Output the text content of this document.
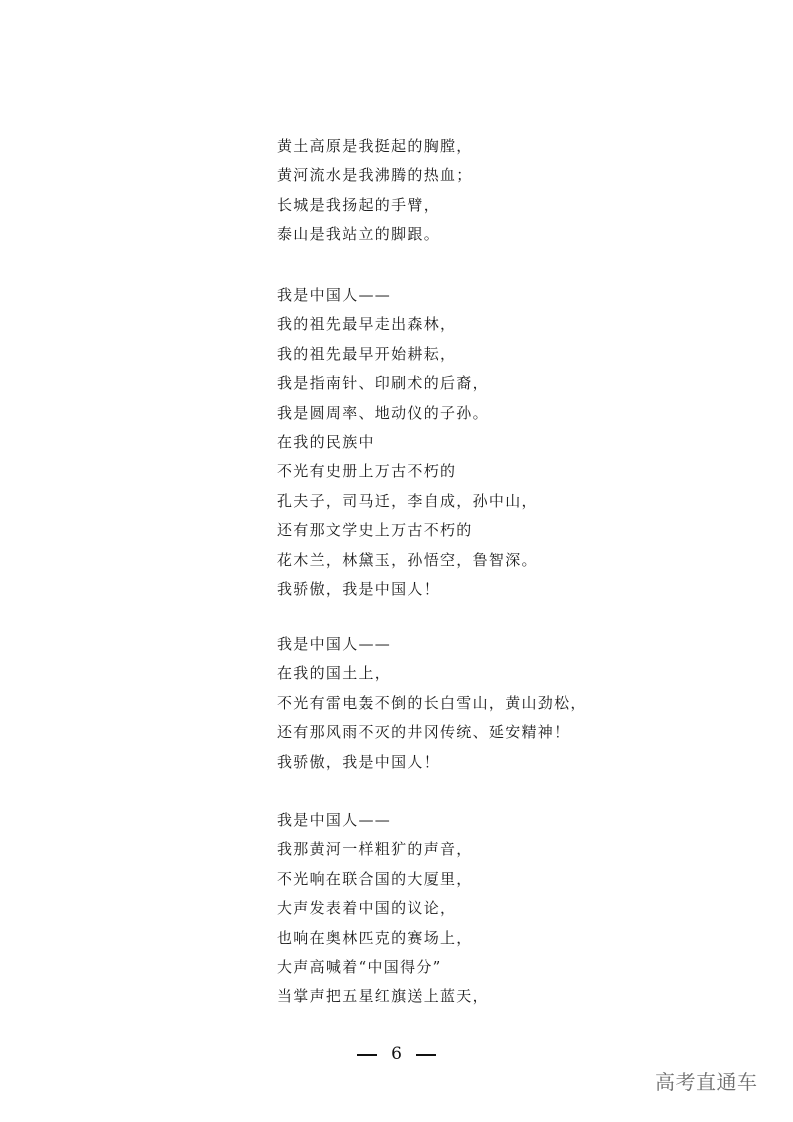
黄土高原是我挺起的胸膛，
黄河流水是我沸腾的热血；
长城是我扬起的手臂，
泰山是我站立的脚跟。
我是中国人——
我的祖先最早走出森林，
我的祖先最早开始耕耘，
我是指南针、印刷术的后裔，
我是圆周率、地动仪的子孙。
在我的民族中
不光有史册上万古不朽的
孔夫子，司马迁，李自成，孙中山，
还有那文学史上万古不朽的
花木兰，林黛玉，孙悟空，鲁智深。
我骄傲，我是中国人！
我是中国人——
在我的国土上，
不光有雷电轰不倒的长白雪山，黄山劲松，
还有那风雨不灭的井冈传统、延安精神！
我骄傲，我是中国人！
我是中国人——
我那黄河一样粗犷的声音，
不光响在联合国的大厦里，
大声发表着中国的议论，
也响在奥林匹克的赛场上，
大声高喊着“中国得分”
当掌声把五星红旗送上蓝天，
6
高考直通车
